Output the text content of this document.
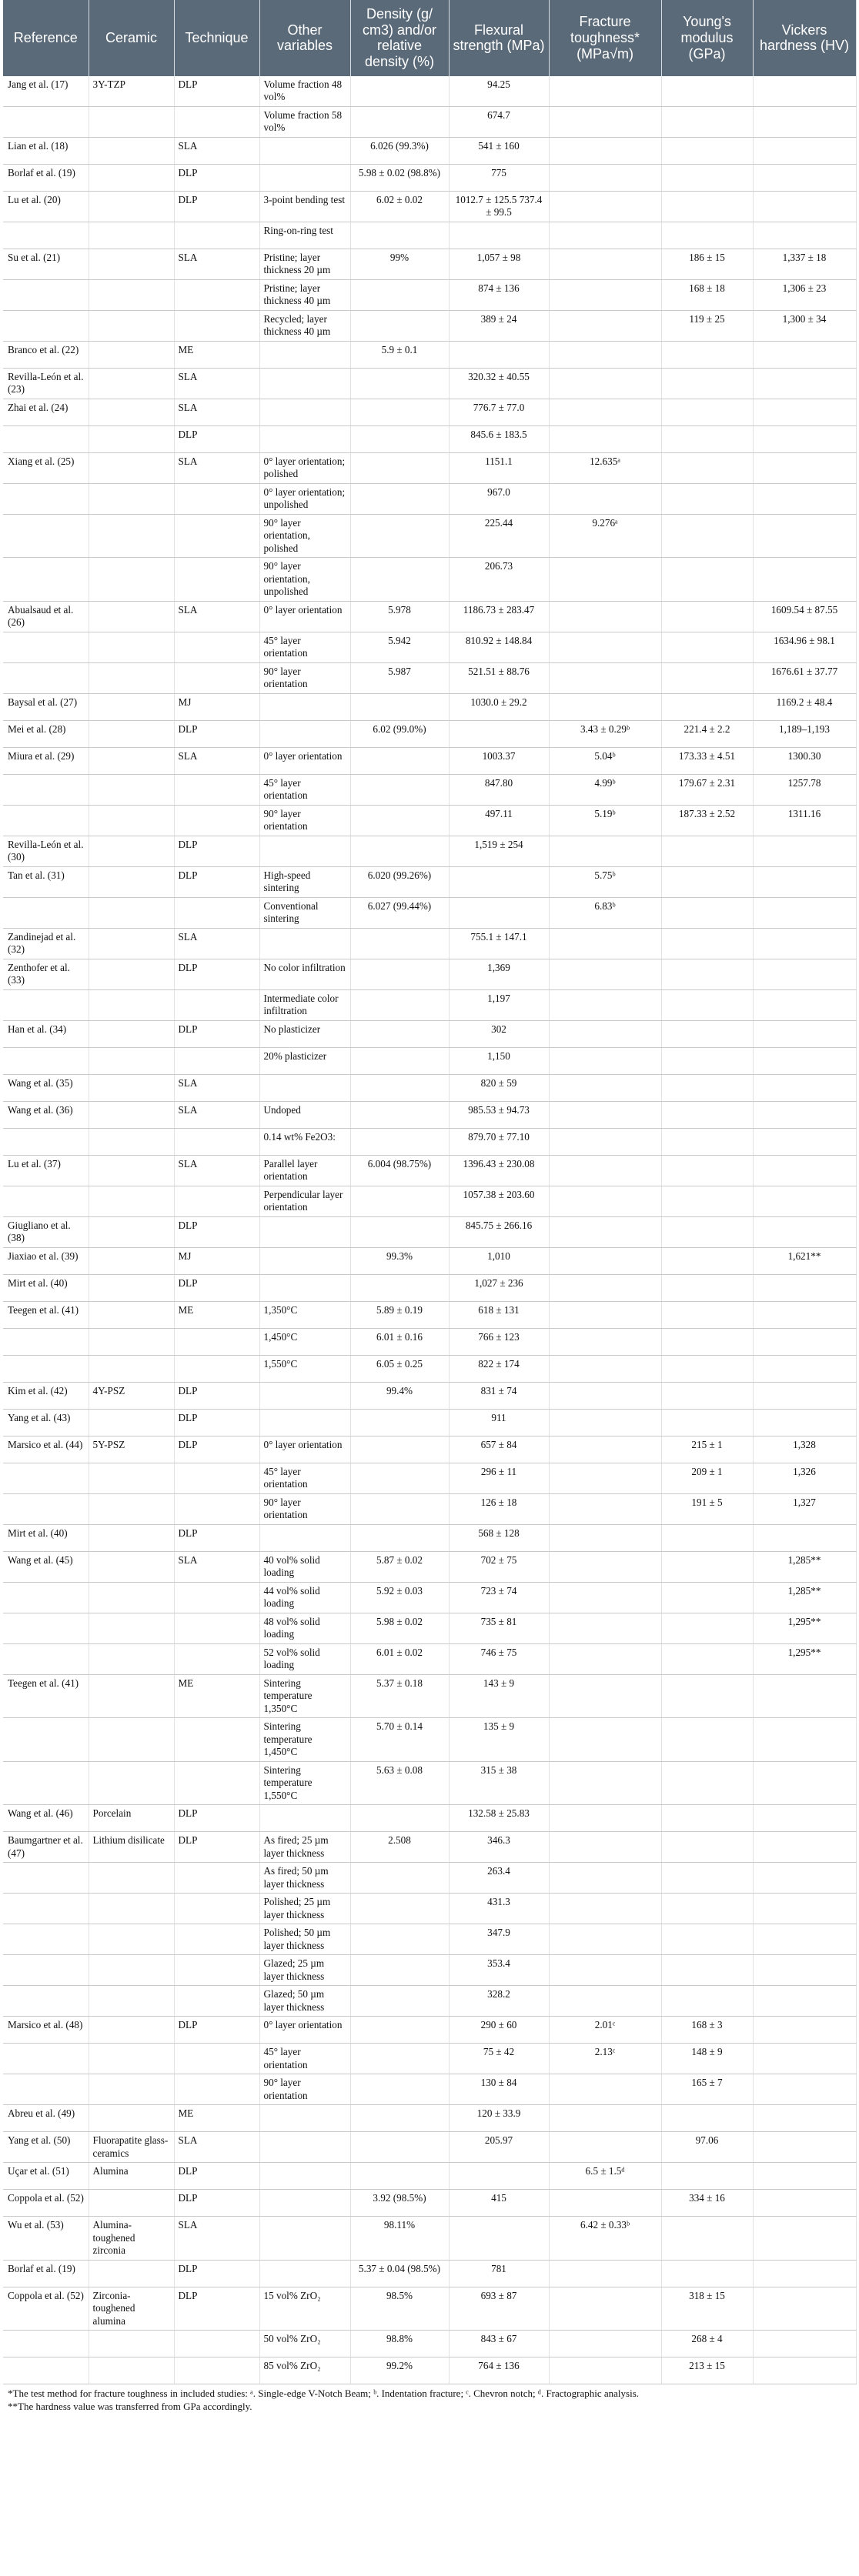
Reference	Ceramic	Technique	Other variables	Density (g/ cm3) and/or relative density (%)	Flexural strength (MPa)	Fracture toughness* (MPa√m)	Young's modulus (GPa)	Vickers hardness (HV)
Jang et al. (17)	3Y-TZP	DLP	Volume fraction 48 vol%		94.25			
			Volume fraction 58 vol%		674.7			
Lian et al. (18)		SLA		6.026 (99.3%)	541 ± 160			
Borlaf et al. (19)		DLP		5.98 ± 0.02 (98.8%)	775			
Lu et al. (20)		DLP	3-point bending test	6.02 ± 0.02	1012.7 ± 125.5 737.4 ± 99.5			
			Ring-on-ring test					
Su et al. (21)		SLA	Pristine; layer thickness 20 µm	99%	1,057 ± 98		186 ± 15	1,337 ± 18
			Pristine; layer thickness 40 µm		874 ± 136		168 ± 18	1,306 ± 23
			Recycled; layer thickness 40 µm		389 ± 24		119 ± 25	1,300 ± 34
Branco et al. (22)		ME		5.9 ± 0.1				
Revilla-León et al. (23)		SLA			320.32 ± 40.55			
Zhai et al. (24)		SLA			776.7 ± 77.0			
		DLP			845.6 ± 183.5			
Xiang et al. (25)		SLA	0° layer orientation; polished		1151.1	12.635ᵃ		
			0° layer orientation; unpolished		967.0			
			90° layer orientation, polished		225.44	9.276ᵃ		
			90° layer orientation, unpolished		206.73			
Abualsaud et al. (26)		SLA	0° layer orientation	5.978	1186.73 ± 283.47			1609.54 ± 87.55
			45° layer orientation	5.942	810.92 ± 148.84			1634.96 ± 98.1
			90° layer orientation	5.987	521.51 ± 88.76			1676.61 ± 37.77
Baysal et al. (27)		MJ			1030.0 ± 29.2			1169.2 ± 48.4
Mei et al. (28)		DLP		6.02 (99.0%)		3.43 ± 0.29ᵇ	221.4 ± 2.2	1,189–1,193
Miura et al. (29)		SLA	0° layer orientation		1003.37	5.04ᵇ	173.33 ± 4.51	1300.30
			45° layer orientation		847.80	4.99ᵇ	179.67 ± 2.31	1257.78
			90° layer orientation		497.11	5.19ᵇ	187.33 ± 2.52	1311.16
Revilla-León et al. (30)		DLP			1,519 ± 254			
Tan et al. (31)		DLP	High-speed sintering	6.020 (99.26%)		5.75ᵇ		
			Conventional sintering	6.027 (99.44%)		6.83ᵇ		
Zandinejad et al. (32)		SLA			755.1 ± 147.1			
Zenthofer et al. (33)		DLP	No color infiltration		1,369			
			Intermediate color infiltration		1,197			
Han et al. (34)		DLP	No plasticizer		302			
			20% plasticizer		1,150			
Wang et al. (35)		SLA			820 ± 59			
Wang et al. (36)		SLA	Undoped		985.53 ± 94.73			
			0.14 wt% Fe2O3:		879.70 ± 77.10			
Lu et al. (37)		SLA	Parallel layer orientation	6.004 (98.75%)	1396.43 ± 230.08			
			Perpendicular layer orientation		1057.38 ± 203.60			
Giugliano et al. (38)		DLP			845.75 ± 266.16			
Jiaxiao et al. (39)		MJ		99.3%	1,010			1,621**
Mirt et al. (40)		DLP			1,027 ± 236			
Teegen et al. (41)		ME	1,350°C	5.89 ± 0.19	618 ± 131			
			1,450°C	6.01 ± 0.16	766 ± 123			
			1,550°C	6.05 ± 0.25	822 ± 174			
Kim et al. (42)	4Y-PSZ	DLP		99.4%	831 ± 74			
Yang et al. (43)		DLP			911			
Marsico et al. (44)	5Y-PSZ	DLP	0° layer orientation		657 ± 84		215 ± 1	1,328
			45° layer orientation		296 ± 11		209 ± 1	1,326
			90° layer orientation		126 ± 18		191 ± 5	1,327
Mirt et al. (40)		DLP			568 ± 128			
Wang et al. (45)		SLA	40 vol% solid loading	5.87 ± 0.02	702 ± 75			1,285**
			44 vol% solid loading	5.92 ± 0.03	723 ± 74			1,285**
			48 vol% solid loading	5.98 ± 0.02	735 ± 81			1,295**
			52 vol% solid loading	6.01 ± 0.02	746 ± 75			1,295**
Teegen et al. (41)		ME	Sintering temperature 1,350°C	5.37 ± 0.18	143 ± 9			
			Sintering temperature 1,450°C	5.70 ± 0.14	135 ± 9			
			Sintering temperature 1,550°C	5.63 ± 0.08	315 ± 38			
Wang et al. (46)	Porcelain	DLP			132.58 ± 25.83			
Baumgartner et al. (47)	Lithium disilicate	DLP	As fired; 25 µm layer thickness	2.508	346.3			
			As fired; 50 µm layer thickness		263.4			
			Polished; 25 µm layer thickness		431.3			
			Polished; 50 µm layer thickness		347.9			
			Glazed; 25 µm layer thickness		353.4			
			Glazed; 50 µm layer thickness		328.2			
Marsico et al. (48)		DLP	0° layer orientation		290 ± 60	2.01ᶜ	168 ± 3	
			45° layer orientation		75 ± 42	2.13ᶜ	148 ± 9	
			90° layer orientation		130 ± 84		165 ± 7	
Abreu et al. (49)		ME			120 ± 33.9			
Yang et al. (50)	Fluorapatite glass-ceramics	SLA			205.97		97.06	
Uçar et al. (51)	Alumina	DLP				6.5 ± 1.5ᵈ		
Coppola et al. (52)		DLP		3.92 (98.5%)	415		334 ± 16	
Wu et al. (53)	Alumina-toughened zirconia	SLA		98.11%		6.42 ± 0.33ᵇ		
Borlaf et al. (19)		DLP		5.37 ± 0.04 (98.5%)	781			
Coppola et al. (52)	Zirconia-toughened alumina	DLP	15 vol% ZrO₂	98.5%	693 ± 87		318 ± 15	
			50 vol% ZrO₂	98.8%	843 ± 67		268 ± 4	
			85 vol% ZrO₂	99.2%	764 ± 136		213 ± 15	
*The test method for fracture toughness in included studies: ᵃ. Single-edge V-Notch Beam; ᵇ. Indentation fracture; ᶜ. Chevron notch; ᵈ. Fractographic analysis.
**The hardness value was transferred from GPa accordingly.
